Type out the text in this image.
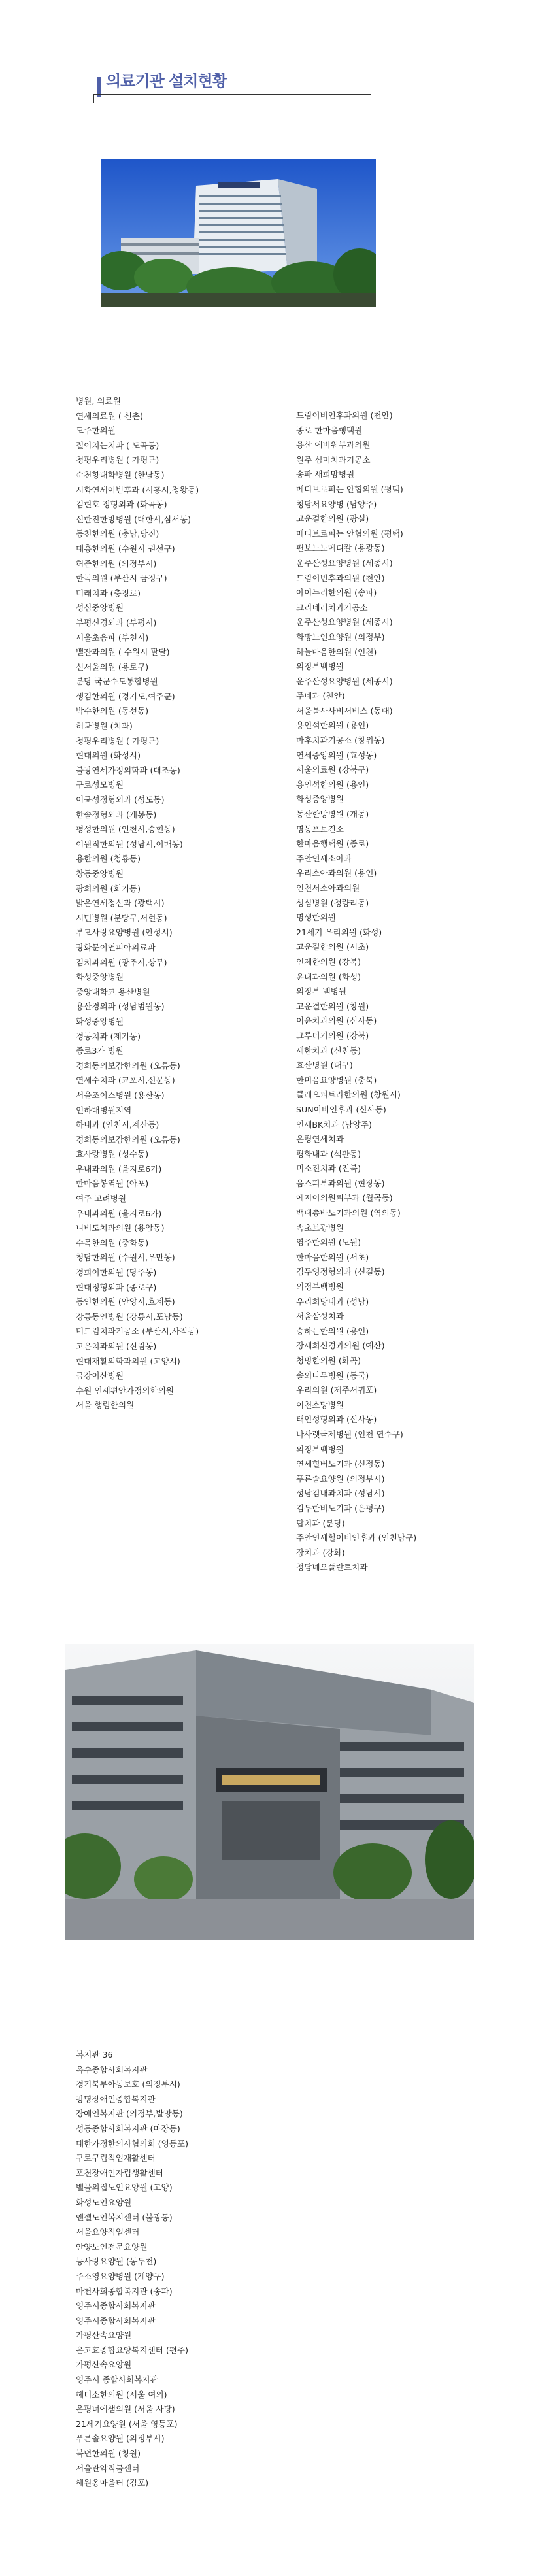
의료기관 설치현황
병원, 의료원
연세의료원 ( 신촌)
도주한의원
절이치는치과 ( 도곡동)
청평우리병원 ( 가평군)
순천향대학병원 (한남동)
시화연세이빈후과 (시흥시,정왕동)
김현호 정형외과 (화곡동)
신한진한방병원 (대한시,삼서동)
동천한의원 (충남,당진)
대흥한의원 (수원시 권선구)
허준한의원 (의정부시)
한독의원 (부산시 금정구)
미래치과 (충정로)
성심중앙병원
부평신경외과 (부평시)
서울초음파 (부천시)
밸잔과의원 ( 수원시 팔달)
신서울의원 (용로구)
분당 국군수도통합병원
생김한의원 (경기도,여주군)
박수한의원 (동선동)
허균병원 (치과)
청평우리병원 ( 가평군)
현대의원 (화성시)
불광연세가정의학과 (대조동)
구로성모병원
이균성정형외과 (성도동)
한솔정형외과 (개봉동)
평성한의원 (인천시,송현동)
이원직한의원 (성남시,이매동)
용한의원 (청룡동)
창동중앙병원
광희의원 (회기동)
밝은연세정신과 (광택시)
시민병원 (분당구,서현동)
부모사랑요양병원 (안성시)
광화문이연피아의료과
김치과의원 (광주시,상무)
화성중앙병원
중앙대학교 용산병원
용산경외과 (성남범원동)
화성중앙병원
경동치과 (제기동)
종로3가 병원
경희동의보감한의원 (오류동)
연세수치과 (교포시,선문동)
서울조이스병원 (용산동)
인하대병원지역
하내과 (인천시,계산동)
경희동의보감한의원 (오류동)
효사랑병원 (성수동)
우내과의원 (을지로6가)
한마음봉역원 (아포)
여주 고려병원
우내과의원 (을지로6가)
니비도치과의원 (용암동)
수목한의원 (중화동)
청담한의원 (수원시,우만동)
경희이한의원 (당주동)
현대정형외과 (종로구)
동인한의원 (안양시,호계동)
강릉동인병원 (강릉시,포남동)
미드림치과기공소 (부산시,사직동)
고은치과의원 (신림동)
현대재활의학과의원 (고양시)
금강이산병원
수원 연세편안가정의학의원
서울 행림한의원
드림이비인후과의원 (천안)
종로 한마음행택원
용산 예비워부과의원
원주 심미치과기공소
송파 새희망병원
메디브로피는 안협의원 (평택)
청담서요양병 (남양주)
고운결한의원 (광실)
메디브로피는 안협의원 (평택)
편보노노메디칼 (용광동)
운주산성요양병원 (세종시)
드림이빈후과의원 (천안)
아이누리한의원 (송파)
크리네러치과기공소
운주산성요양병원 (세종시)
화망노인요양원 (의정부)
하늘마음한의원 (인천)
의정부백병원
운주산성요양병원 (세종시)
주네과 (천안)
서울블사사비서비스 (동대)
용인석한의원 (용인)
마후치과기공소 (창위동)
연세중앙의원 (효성동)
서울의료원 (강북구)
용인석한의원 (용인)
화성중앙병원
동산한방병원 (개동)
명동포보건소
한마음행택원 (종로)
주안연세소아과
우리소아과의원 (용인)
인천서소아과의원
성심병원 (청량리동)
명생한의원
21세기 우리의원 (화성)
고운결한의원 (서초)
인제한의원 (강북)
윤내과의원 (화성)
의정부 백병원
고운결한의원 (창원)
이윤치과의원 (신사동)
그루터기의원 (강북)
새한치과 (신천동)
효산병원 (대구)
한미음요양병원 (충북)
클레오피트라한의원 (창원시)
SUN이비인후과 (신사동)
연세BK치과 (남양주)
은평연세치과
평화내과 (석관동)
미소진치과 (진북)
음스피부과의원 (현장동)
예지이의원피부과 (월곡동)
백대총바노기과의원 (역의동)
속초보광병원
영주한의원 (노원)
한마음한의원 (서초)
김두영정형외과 (신길동)
의정부백병원
우리희망내과 (성남)
서울삼성치과
승하는한의원 (용인)
장세희신경과의원 (예산)
청명한의원 (화곡)
솔외나무병원 (동국)
우리의원 (제주서귀포)
이천소망병원
태인성형외과 (신사동)
나사렛국제병원 (인천 연수구)
의정부백병원
연세힐버노기과 (신정동)
푸른솔요양원 (의정부시)
성남김내과치과 (성남시)
김두한비노기과 (은평구)
탑치과 (분당)
주안연세힐이비인후과 (인천남구)
장치과 (강화)
청담네오플란트치과
복지관 36
옥수종합사회복지관
경기북부아동보호 (의정부시)
광명장애인종합복지관
장애인복지관 (의정부,발망동)
성동종합사회복지관 (마장동)
대한가정한의사협의회 (영등포)
구로구립직업재활센터
포천장애인자립생활센터
밸물의집노인요양원 (고양)
화성노인요양원
엔젤노인복지센터 (불광동)
서울요양직업센터
안양노인전문요양원
능사랑요양원 (동두천)
주소영요양병원 (계양구)
마천사회종합복지관 (송파)
영주시종합사회복지관
영주시종합사회복지관
가평산속요양원
은고효종합요양복지센터 (편주)
가평산속요양원
영주시 종합사회복지관
헤더소한의원 (서울 여의)
은평너에샘의원 (서울 사당)
21세기요양원 (서울 영등포)
푸른솔요양원 (의정부시)
북변한의원 (칭원)
서울관악직물센터
헤원옹마을터 (김포)
